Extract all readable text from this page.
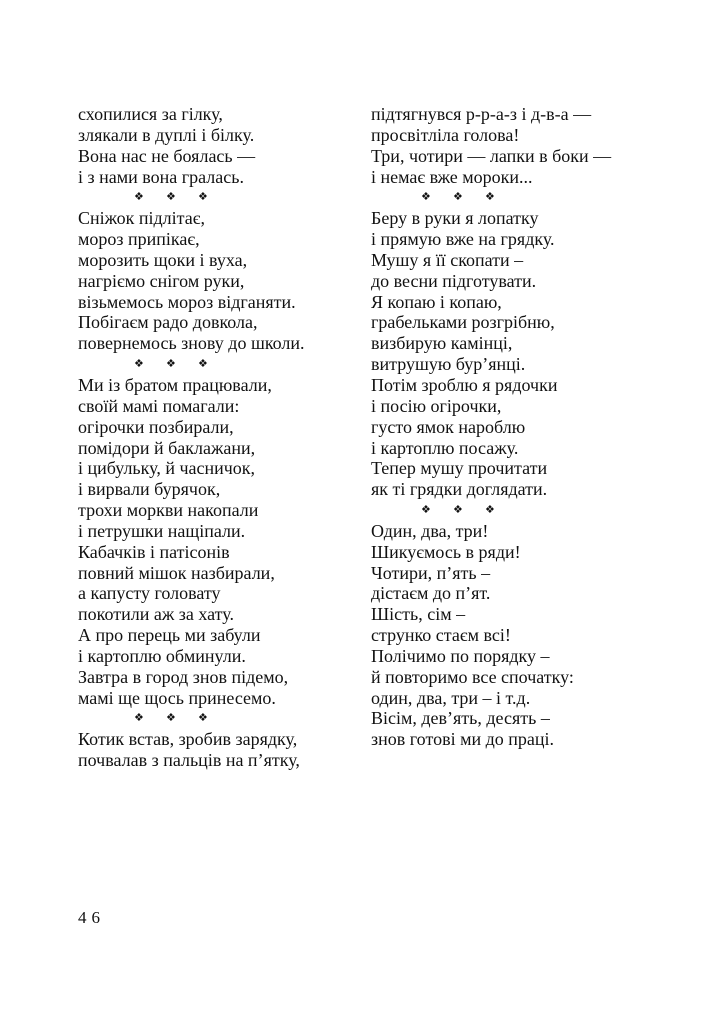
схопилися за гілку,
злякали в дуплі і білку.
Вона нас не боялась —
і з нами вона гралась.
❖ ❖ ❖
Сніжок підлітає,
мороз припікає,
морозить щоки і вуха,
нагріємо снігом руки,
візьмемось мороз відганяти.
Побігаєм радо довкола,
повернемось знову до школи.
❖ ❖ ❖
Ми із братом працювали,
своїй мамі помагали:
огірочки позбирали,
помідори й баклажани,
і цибульку, й часничок,
і вирвали бурячок,
трохи моркви накопали
і петрушки нащіпали.
Кабачків і патісонів
повний мішок назбирали,
а капусту головату
покотили аж за хату.
А про перець ми забули
і картоплю обминули.
Завтра в город знов підемо,
мамі ще щось принесемо.
❖ ❖ ❖
Котик встав, зробив зарядку,
почвалав з пальців на п’ятку,
підтягнувся р-р-а-з і д-в-а —
просвітліла голова!
Три, чотири — лапки в боки —
і немає вже мороки...
❖ ❖ ❖
Беру в руки я лопатку
і прямую вже на грядку.
Мушу я її скопати –
до весни підготувати.
Я копаю і копаю,
грабельками розгрібню,
визбирую камінці,
витрушую бур’янці.
Потім зроблю я рядочки
і посію огірочки,
густо ямок нароблю
і картоплю посажу.
Тепер мушу прочитати
як ті грядки доглядати.
❖ ❖ ❖
Один, два, три!
Шикуємось в ряди!
Чотири, п’ять –
дістаєм до п’ят.
Шість, сім –
струнко стаєм всі!
Полічимо по порядку –
й повторимо все спочатку:
один, два, три – і т.д.
Вісім, дев’ять, десять –
знов готові ми до праці.
46
